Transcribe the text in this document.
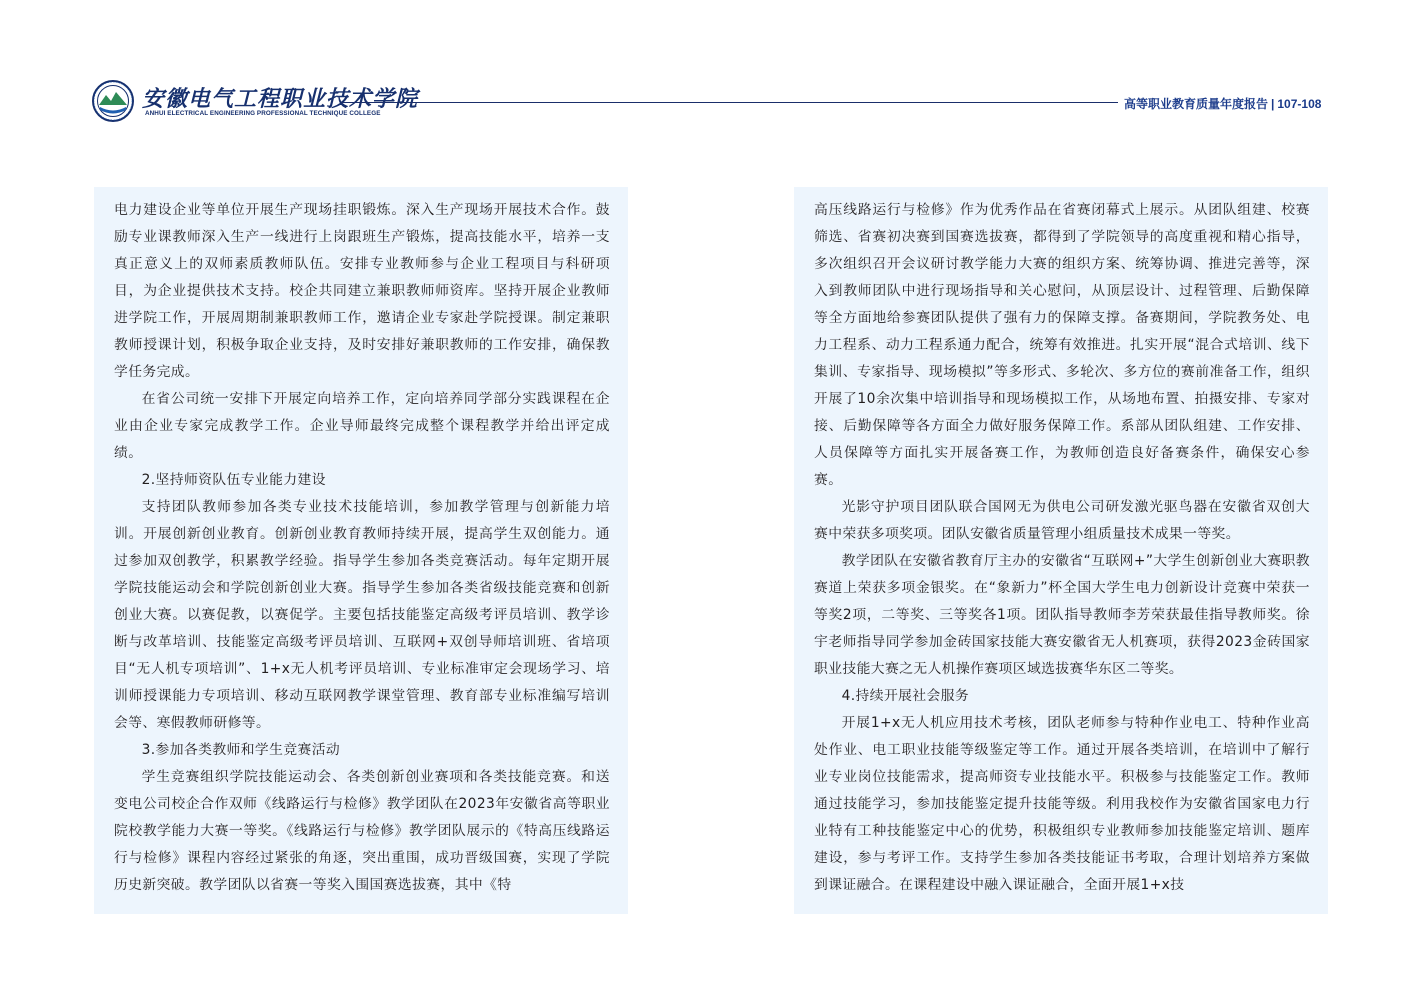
安徽电气工程职业技术学院
ANHUI ELECTRICAL ENGINEERING PROFESSIONAL TECHNIQUE COLLEGE
高等职业教育质量年度报告 | 107-108

电力建设企业等单位开展生产现场挂职锻炼。深入生产现场开展技术合作。鼓励专业课教师深入生产一线进行上岗跟班生产锻炼，提高技能水平，培养一支真正意义上的双师素质教师队伍。安排专业教师参与企业工程项目与科研项目，为企业提供技术支持。校企共同建立兼职教师师资库。坚持开展企业教师进学院工作，开展周期制兼职教师工作，邀请企业专家赴学院授课。制定兼职教师授课计划，积极争取企业支持，及时安排好兼职教师的工作安排，确保教学任务完成。

在省公司统一安排下开展定向培养工作，定向培养同学部分实践课程在企业由企业专家完成教学工作。企业导师最终完成整个课程教学并给出评定成绩。

2.坚持师资队伍专业能力建设

支持团队教师参加各类专业技术技能培训，参加教学管理与创新能力培训。开展创新创业教育。创新创业教育教师持续开展，提高学生双创能力。通过参加双创教学，积累教学经验。指导学生参加各类竞赛活动。每年定期开展学院技能运动会和学院创新创业大赛。指导学生参加各类省级技能竞赛和创新创业大赛。以赛促教，以赛促学。主要包括技能鉴定高级考评员培训、教学诊断与改革培训、技能鉴定高级考评员培训、互联网+双创导师培训班、省培项目“无人机专项培训”、1+x无人机考评员培训、专业标准审定会现场学习、培训师授课能力专项培训、移动互联网教学课堂管理、教育部专业标准编写培训会等、寒假教师研修等。

3.参加各类教师和学生竞赛活动

学生竞赛组织学院技能运动会、各类创新创业赛项和各类技能竞赛。和送变电公司校企合作双师《线路运行与检修》教学团队在2023年安徽省高等职业院校教学能力大赛一等奖。《线路运行与检修》教学团队展示的《特高压线路运行与检修》课程内容经过紧张的角逐，突出重围，成功晋级国赛，实现了学院历史新突破。教学团队以省赛一等奖入围国赛选拔赛，其中《特

高压线路运行与检修》作为优秀作品在省赛闭幕式上展示。从团队组建、校赛筛选、省赛初决赛到国赛选拔赛，都得到了学院领导的高度重视和精心指导，多次组织召开会议研讨教学能力大赛的组织方案、统筹协调、推进完善等，深入到教师团队中进行现场指导和关心慰问，从顶层设计、过程管理、后勤保障等全方面地给参赛团队提供了强有力的保障支撑。备赛期间，学院教务处、电力工程系、动力工程系通力配合，统筹有效推进。扎实开展“混合式培训、线下集训、专家指导、现场模拟”等多形式、多轮次、多方位的赛前准备工作，组织开展了10余次集中培训指导和现场模拟工作，从场地布置、拍摄安排、专家对接、后勤保障等各方面全力做好服务保障工作。系部从团队组建、工作安排、人员保障等方面扎实开展备赛工作，为教师创造良好备赛条件，确保安心参赛。

光影守护项目团队联合国网无为供电公司研发激光驱鸟器在安徽省双创大赛中荣获多项奖项。团队安徽省质量管理小组质量技术成果一等奖。

教学团队在安徽省教育厅主办的安徽省“互联网+”大学生创新创业大赛职教赛道上荣获多项金银奖。在“象新力”杯全国大学生电力创新设计竞赛中荣获一等奖2项，二等奖、三等奖各1项。团队指导教师李芳荣获最佳指导教师奖。徐宇老师指导同学参加金砖国家技能大赛安徽省无人机赛项，获得2023金砖国家职业技能大赛之无人机操作赛项区域选拔赛华东区二等奖。

4.持续开展社会服务

开展1+x无人机应用技术考核，团队老师参与特种作业电工、特种作业高处作业、电工职业技能等级鉴定等工作。通过开展各类培训，在培训中了解行业专业岗位技能需求，提高师资专业技能水平。积极参与技能鉴定工作。教师通过技能学习，参加技能鉴定提升技能等级。利用我校作为安徽省国家电力行业特有工种技能鉴定中心的优势，积极组织专业教师参加技能鉴定培训、题库建设，参与考评工作。支持学生参加各类技能证书考取，合理计划培养方案做到课证融合。在课程建设中融入课证融合，全面开展1+x技
